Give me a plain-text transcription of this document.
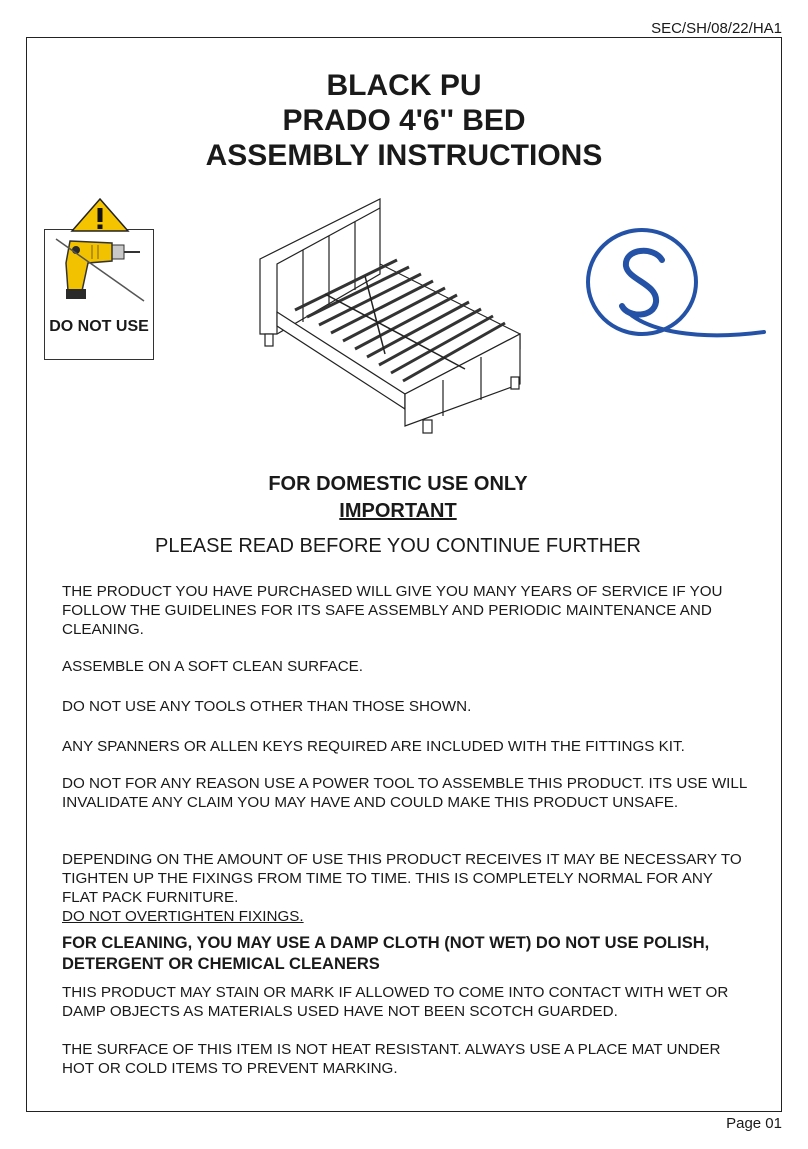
SEC/SH/08/22/HA1
BLACK PU
PRADO 4'6'' BED
ASSEMBLY INSTRUCTIONS
DO NOT USE
FOR DOMESTIC USE ONLY
IMPORTANT
PLEASE READ BEFORE YOU CONTINUE FURTHER

THE PRODUCT YOU HAVE PURCHASED WILL GIVE YOU MANY YEARS OF SERVICE IF YOU FOLLOW THE GUIDELINES FOR ITS SAFE ASSEMBLY AND PERIODIC MAINTENANCE AND CLEANING.

ASSEMBLE ON A SOFT CLEAN SURFACE.

DO NOT USE ANY TOOLS OTHER THAN THOSE SHOWN.

ANY SPANNERS OR ALLEN KEYS REQUIRED ARE INCLUDED WITH THE FITTINGS KIT.

DO NOT FOR ANY REASON USE A POWER TOOL TO ASSEMBLE THIS PRODUCT. ITS USE WILL INVALIDATE ANY CLAIM YOU MAY HAVE AND COULD MAKE THIS PRODUCT UNSAFE.

DEPENDING ON THE AMOUNT OF USE THIS PRODUCT RECEIVES IT MAY BE NECESSARY TO TIGHTEN UP THE FIXINGS FROM TIME TO TIME. THIS IS COMPLETELY NORMAL FOR ANY FLAT PACK FURNITURE.

DO NOT OVERTIGHTEN FIXINGS.

FOR CLEANING, YOU MAY USE A DAMP CLOTH (NOT WET) DO NOT USE POLISH, DETERGENT OR CHEMICAL CLEANERS

THIS PRODUCT MAY STAIN OR MARK IF ALLOWED TO COME INTO CONTACT WITH WET OR DAMP OBJECTS AS MATERIALS USED HAVE NOT BEEN SCOTCH GUARDED.

THE SURFACE OF THIS ITEM IS NOT HEAT RESISTANT. ALWAYS USE A PLACE MAT UNDER HOT OR COLD ITEMS TO PREVENT MARKING.

Page 01
